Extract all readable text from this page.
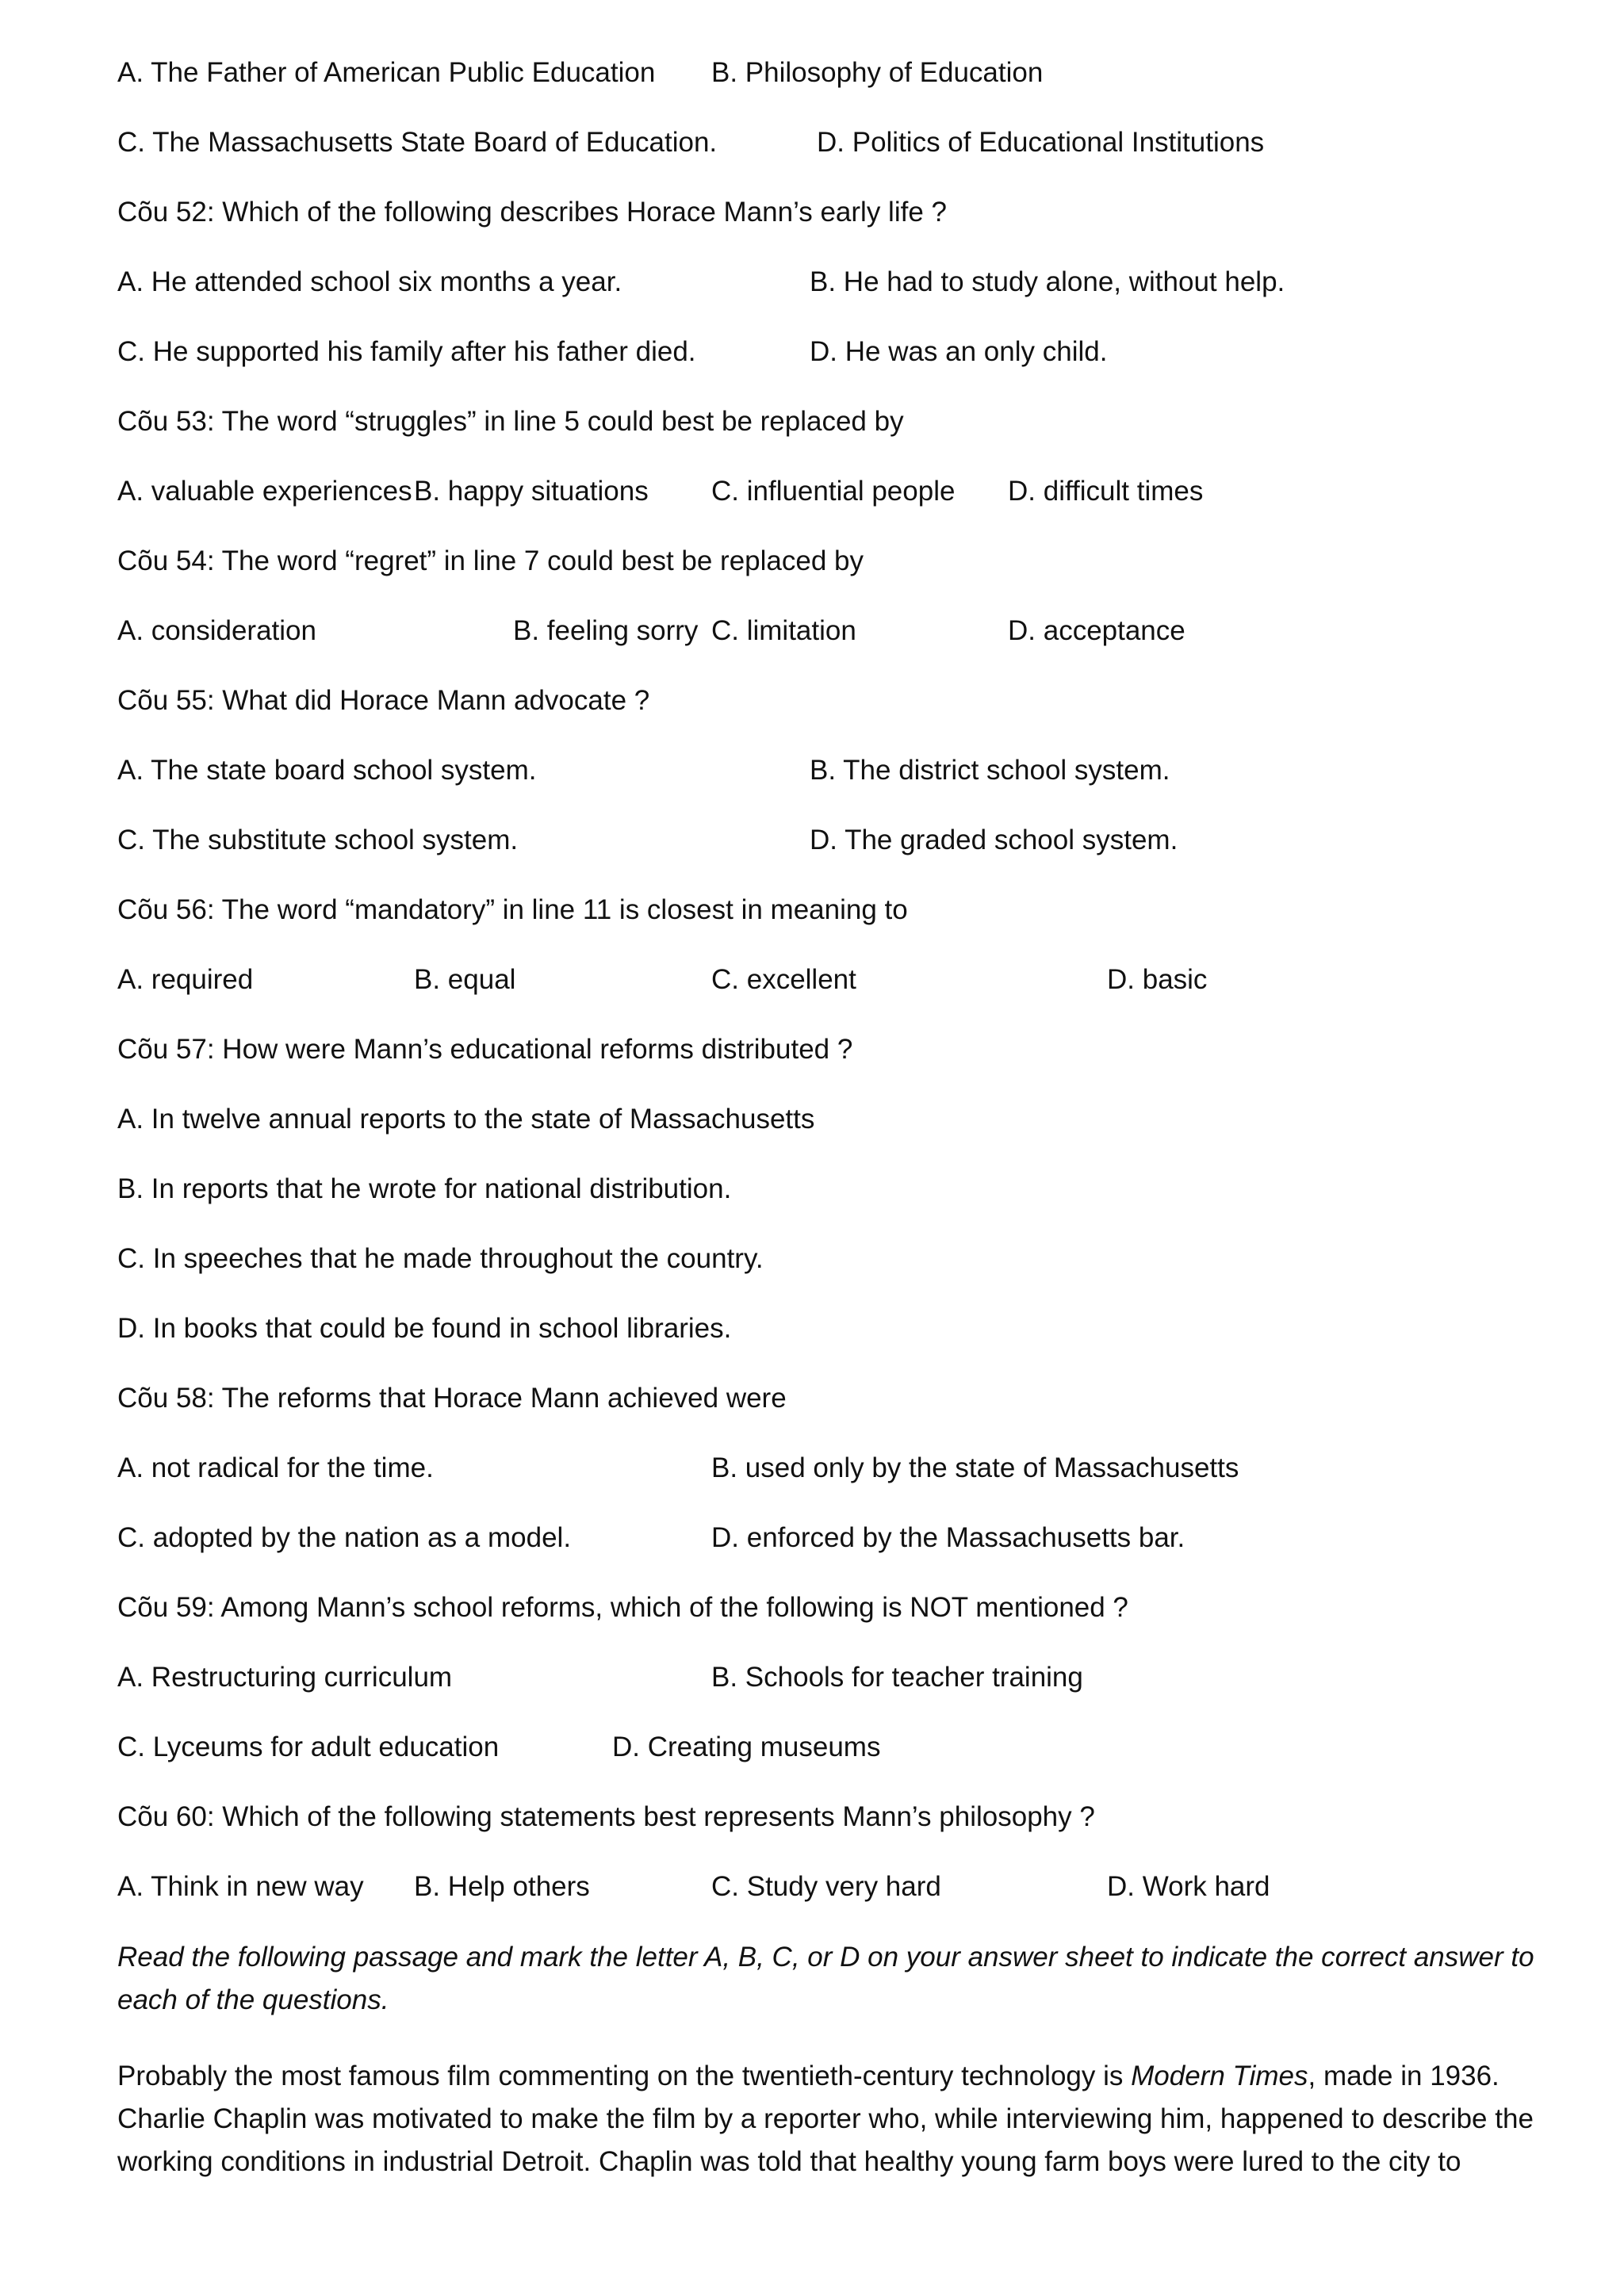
A. The Father of American Public Education B. Philosophy of Education
C. The Massachusetts State Board of Education.	D. Politics of Educational Institutions
Cõu 52: Which of the following describes Horace Mann’s early life ?
A. He attended school six months a year.	B. He had to study alone, without help.
C. He supported his family after his father died.	D. He was an only child.
Cõu 53: The word “struggles” in line 5 could best be replaced by
A. valuable experiences B. happy situations C. influential people D. difficult times
Cõu 54: The word “regret” in line 7 could best be replaced by
A. consideration	B. feeling sorry C. limitation	D. acceptance
Cõu 55: What did Horace Mann advocate ?
A. The state board school system.	B. The district school system.
C. The substitute school system.	D. The graded school system.
Cõu 56: The word “mandatory” in line 11 is closest in meaning to
A. required	B. equal	C. excellent	D. basic
Cõu 57: How were Mann’s educational reforms distributed ?
A. In twelve annual reports to the state of Massachusetts
B. In reports that he wrote for national distribution.
C. In speeches that he made throughout the country.
D. In books that could be found in school libraries.
Cõu 58: The reforms that Horace Mann achieved were
A. not radical for the time.	B. used only by the state of Massachusetts
C. adopted by the nation as a model.	D. enforced by the Massachusetts bar.
Cõu 59: Among Mann’s school reforms, which of the following is NOT mentioned ?
A. Restructuring curriculum	B. Schools for teacher training
C. Lyceums for adult education	D. Creating museums
Cõu 60: Which of the following statements best represents Mann’s philosophy ?
A. Think in new way B. Help others	C. Study very hard	D. Work hard
Read the following passage and mark the letter A, B, C, or D on your answer sheet to indicate the correct answer to each of the questions.
Probably the most famous film commenting on the twentieth-century technology is Modern Times, made in 1936. Charlie Chaplin was motivated to make the film by a reporter who, while interviewing him, happened to describe the working conditions in industrial Detroit. Chaplin was told that healthy young farm boys were lured to the city to
